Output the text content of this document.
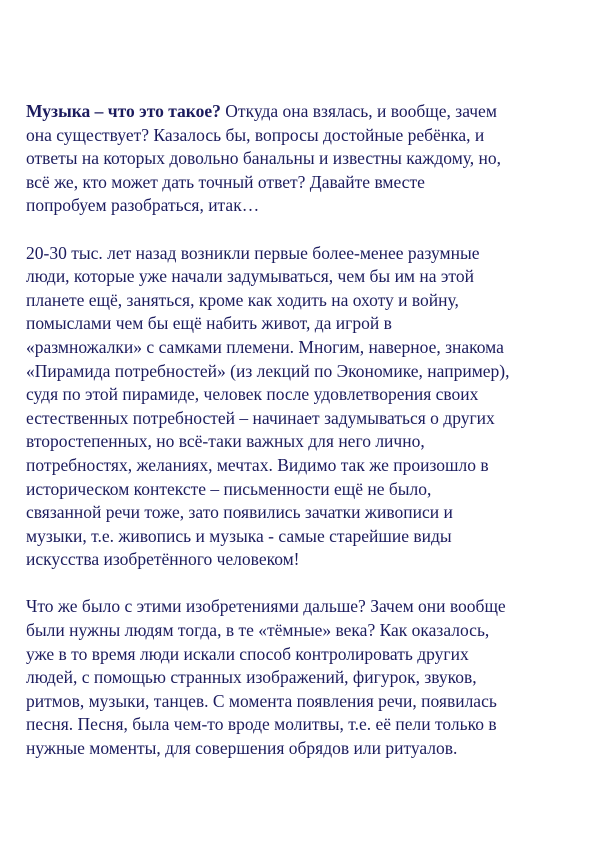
Музыка – что это такое? Откуда она взялась, и вообще, зачем
она существует? Казалось бы, вопросы достойные ребёнка, и
ответы на которых довольно банальны и известны каждому, но,
всё же, кто может дать точный ответ? Давайте вместе
попробуем разобраться, итак…

20-30 тыс. лет назад возникли первые более-менее разумные
люди, которые уже начали задумываться, чем бы им на этой
планете ещё, заняться, кроме как ходить на охоту и войну,
помыслами чем бы ещё набить живот, да игрой в
«размножалки» с самками племени. Многим, наверное, знакома
«Пирамида потребностей» (из лекций по Экономике, например),
судя по этой пирамиде, человек после удовлетворения своих
естественных потребностей – начинает задумываться о других
второстепенных, но всё-таки важных для него лично,
потребностях, желаниях, мечтах. Видимо так же произошло в
историческом контексте – письменности ещё не было,
связанной речи тоже, зато появились зачатки живописи и
музыки, т.е. живопись и музыка - самые старейшие виды
искусства изобретённого человеком!

Что же было с этими изобретениями дальше? Зачем они вообще
были нужны людям тогда, в те «тёмные» века? Как оказалось,
уже в то время люди искали способ контролировать других
людей, с помощью странных изображений, фигурок, звуков,
ритмов, музыки, танцев. С момента появления речи, появилась
песня. Песня, была чем-то вроде молитвы, т.е. её пели только в
нужные моменты, для совершения обрядов или ритуалов.
